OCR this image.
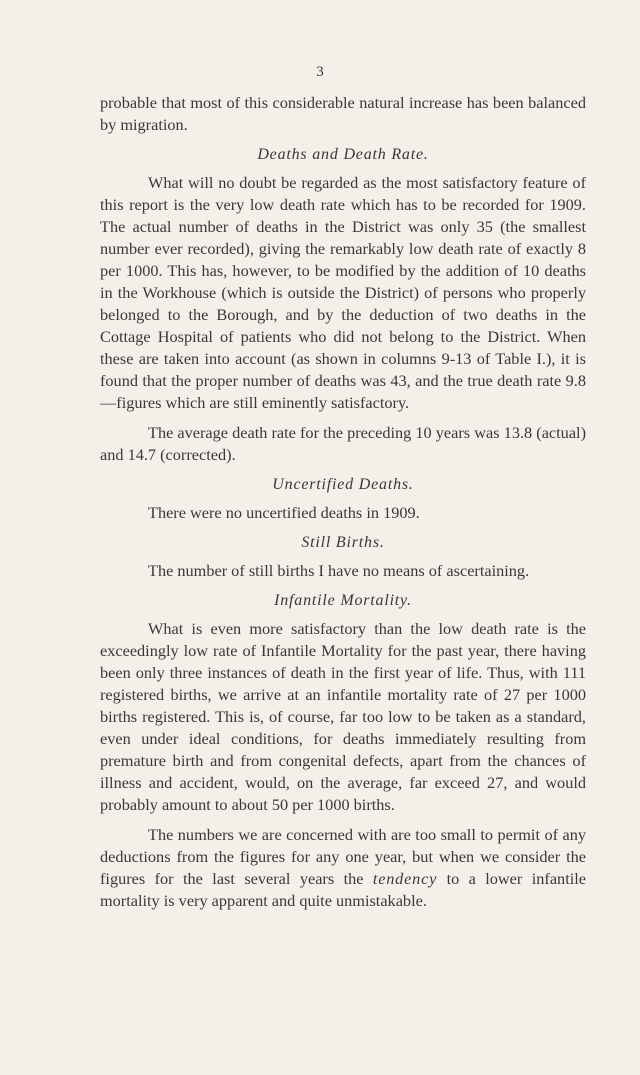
3

probable that most of this considerable natural increase has been balanced by migration.

Deaths and Death Rate.

What will no doubt be regarded as the most satisfactory feature of this report is the very low death rate which has to be recorded for 1909. The actual number of deaths in the District was only 35 (the smallest number ever recorded), giving the remarkably low death rate of exactly 8 per 1000. This has, however, to be modified by the addition of 10 deaths in the Workhouse (which is outside the District) of persons who properly belonged to the Borough, and by the deduction of two deaths in the Cottage Hospital of patients who did not belong to the District. When these are taken into account (as shown in columns 9-13 of Table I.), it is found that the proper number of deaths was 43, and the true death rate 9.8—figures which are still eminently satisfactory.

The average death rate for the preceding 10 years was 13.8 (actual) and 14.7 (corrected).

Uncertified Deaths.

There were no uncertified deaths in 1909.

Still Births.

The number of still births I have no means of ascertaining.

Infantile Mortality.

What is even more satisfactory than the low death rate is the exceedingly low rate of Infantile Mortality for the past year, there having been only three instances of death in the first year of life. Thus, with 111 registered births, we arrive at an infantile mortality rate of 27 per 1000 births registered. This is, of course, far too low to be taken as a standard, even under ideal conditions, for deaths immediately resulting from premature birth and from congenital defects, apart from the chances of illness and accident, would, on the average, far exceed 27, and would probably amount to about 50 per 1000 births.

The numbers we are concerned with are too small to permit of any deductions from the figures for any one year, but when we consider the figures for the last several years the tendency to a lower infantile mortality is very apparent and quite unmistakable.
